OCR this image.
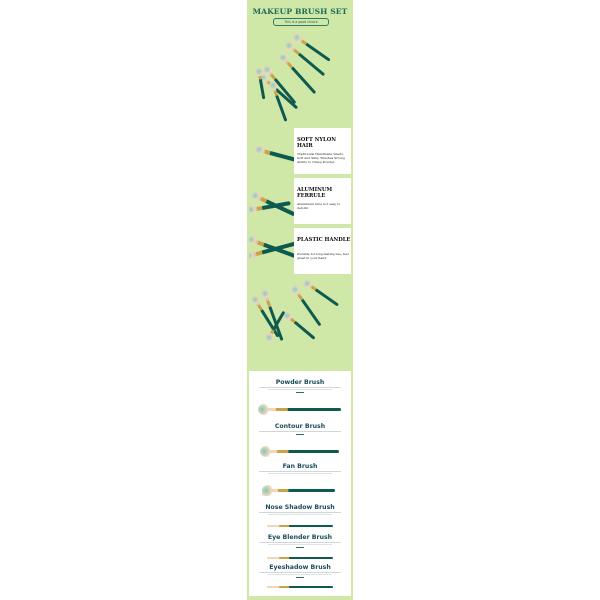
MAKEUP BRUSH SET
This is a good choice
SOFT NYLON HAIR
Traditional Handmade Sheds, Soft and Silky, Brushes Strong Ability to Grasp Powder.
ALUMINUM FERRULE
Aluminium tube not easy to deform
PLASTIC HANDLE
Durable for long-lasting use, feel great in your hand
Powder Brush
Contour Brush
Fan Brush
Nose Shadow Brush
Eye Blender Brush
Eyeshadow Brush
